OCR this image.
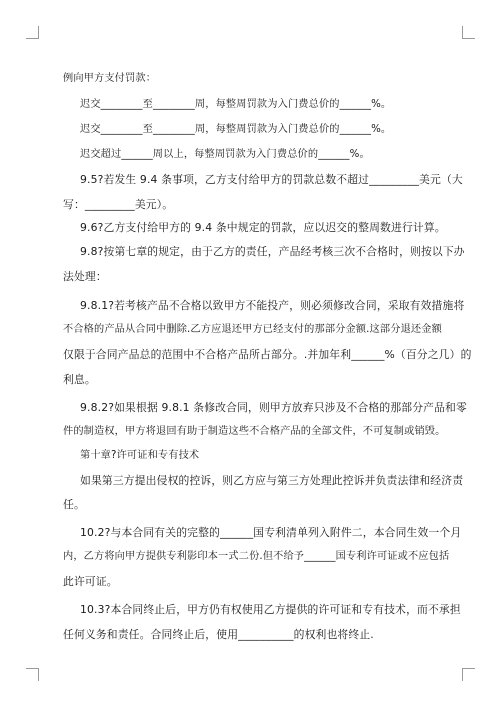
例向甲方支付罚款：
迟交________至________周，每整周罚款为入门费总价的______%。
迟交________至________周，每整周罚款为入门费总价的______%。
迟交超过______周以上，每整周罚款为入门费总价的______%。
9.5?若发生 9.4 条事项，乙方支付给甲方的罚款总数不超过_________美元（大
写：_________美元）。
9.6?乙方支付给甲方的 9.4 条中规定的罚款，应以迟交的整周数进行计算。
9.8?按第七章的规定，由于乙方的责任，产品经考核三次不合格时，则按以下办
法处理：
9.8.1?若考核产品不合格以致甲方不能投产，则必须修改合同，采取有效措施将
不合格的产品从合同中删除.乙方应退还甲方已经支付的那部分金额.这部分退还金额
仅限于合同产品总的范围中不合格产品所占部分。.并加年利______%（百分之几）的
利息。
9.8.2?如果根据 9.8.1 条修改合同，则甲方放弃只涉及不合格的那部分产品和零
件的制造权，甲方将退回有助于制造这些不合格产品的全部文件，不可复制或销毁。
第十章?许可证和专有技术
如果第三方提出侵权的控诉，则乙方应与第三方处理此控诉并负责法律和经济责
任。
10.2?与本合同有关的完整的______国专利清单列入附件二，本合同生效一个月
内，乙方将向甲方提供专利影印本一式二份.但不给予______国专利许可证或不应包括
此许可证。
10.3?本合同终止后，甲方仍有权使用乙方提供的许可证和专有技术，而不承担
任何义务和责任。合同终止后，使用__________的权利也将终止.
